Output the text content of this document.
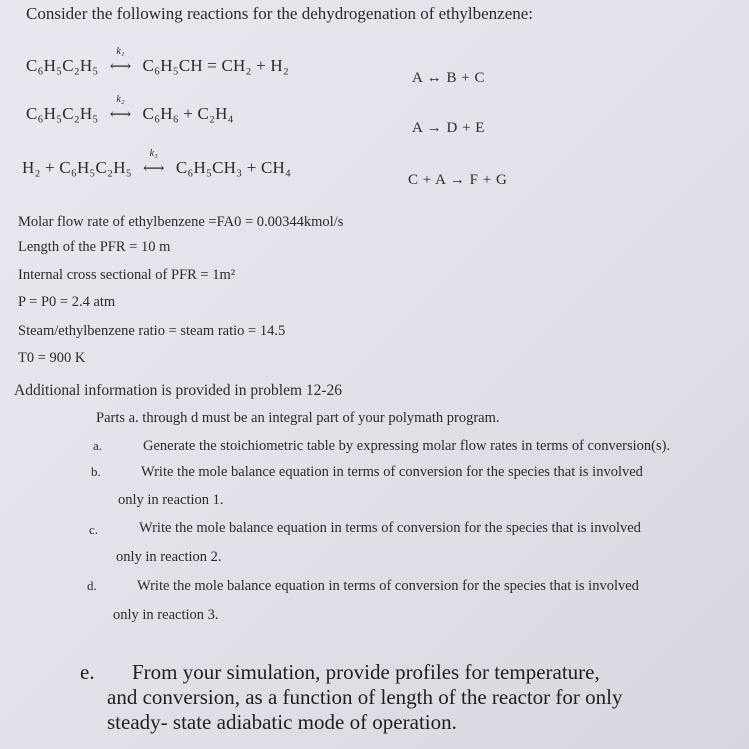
Consider the following reactions for the dehydrogenation of ethylbenzene:
C₆H₅C₂H₅
k₁
⟷ C₆H₅CH = CH₂ + H₂
A ↔ B + C
C₆H₅C₂H₅
k₂
⟷ C₆H₆ + C₂H₄
A → D + E
H₂ + C₆H₅C₂H₅
k₃
⟷ C₆H₅CH₃ + CH₄
C + A → F + G
Molar flow rate of ethylbenzene =FA0 = 0.00344kmol/s
Length of the PFR = 10 m
Internal cross sectional of PFR = 1m²
P = P0 = 2.4 atm
Steam/ethylbenzene ratio = steam ratio = 14.5
T0 = 900 K
Additional information is provided in problem 12-26
Parts a. through d must be an integral part of your polymath program.
a.	Generate the stoichiometric table by expressing molar flow rates in terms of conversion(s).
b.	Write the mole balance equation in terms of conversion for the species that is involved
only in reaction 1.
c.	Write the mole balance equation in terms of conversion for the species that is involved
only in reaction 2.
d.	Write the mole balance equation in terms of conversion for the species that is involved
only in reaction 3.
e. From your simulation, provide profiles for temperature,
and conversion, as a function of length of the reactor for only
steady- state adiabatic mode of operation.
